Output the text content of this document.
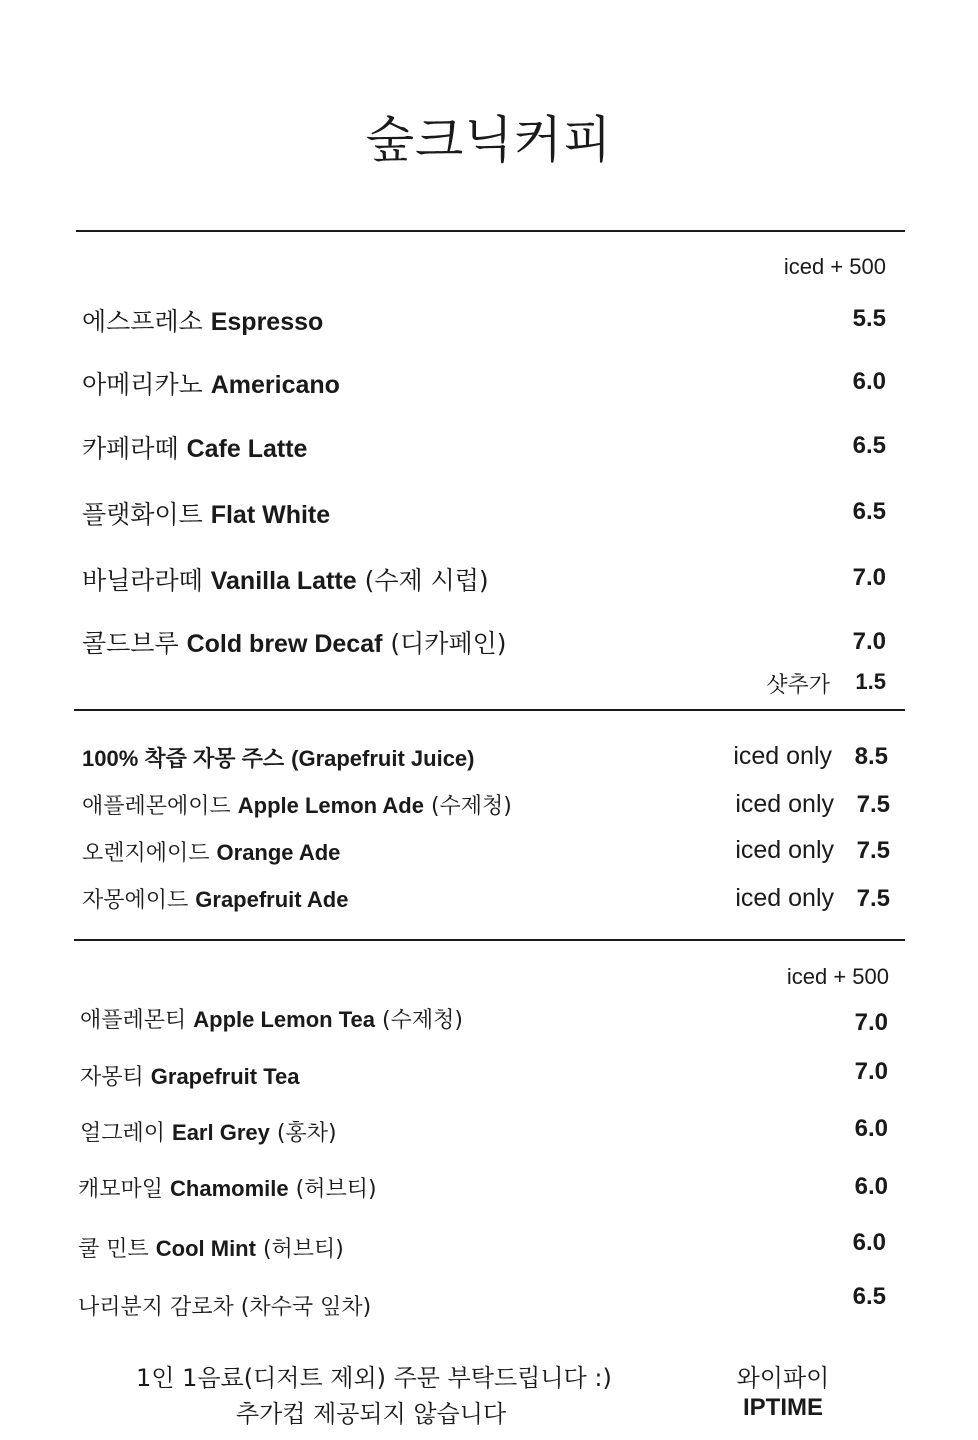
숲크닉커피
iced + 500
에스프레소 Espresso	5.5
아메리카노 Americano	6.0
카페라떼 Cafe Latte	6.5
플랫화이트 Flat White	6.5
바닐라라떼 Vanilla Latte (수제 시럽)	7.0
콜드브루 Cold brew Decaf (디카페인)	7.0
샷추가 1.5
100% 착즙 자몽 주스 (Grapefruit Juice)	iced only 8.5
애플레몬에이드 Apple Lemon Ade (수제청)	iced only 7.5
오렌지에이드 Orange Ade	iced only 7.5
자몽에이드 Grapefruit Ade	iced only 7.5
iced + 500
애플레몬티 Apple Lemon Tea (수제청)	7.0
자몽티 Grapefruit Tea	7.0
얼그레이 Earl Grey (홍차)	6.0
캐모마일 Chamomile (허브티)	6.0
쿨 민트 Cool Mint (허브티)	6.0
나리분지 감로차 (차수국 잎차)	6.5
1인 1음료(디저트 제외) 주문 부탁드립니다 :)
추가컵 제공되지 않습니다
와이파이
IPTIME
